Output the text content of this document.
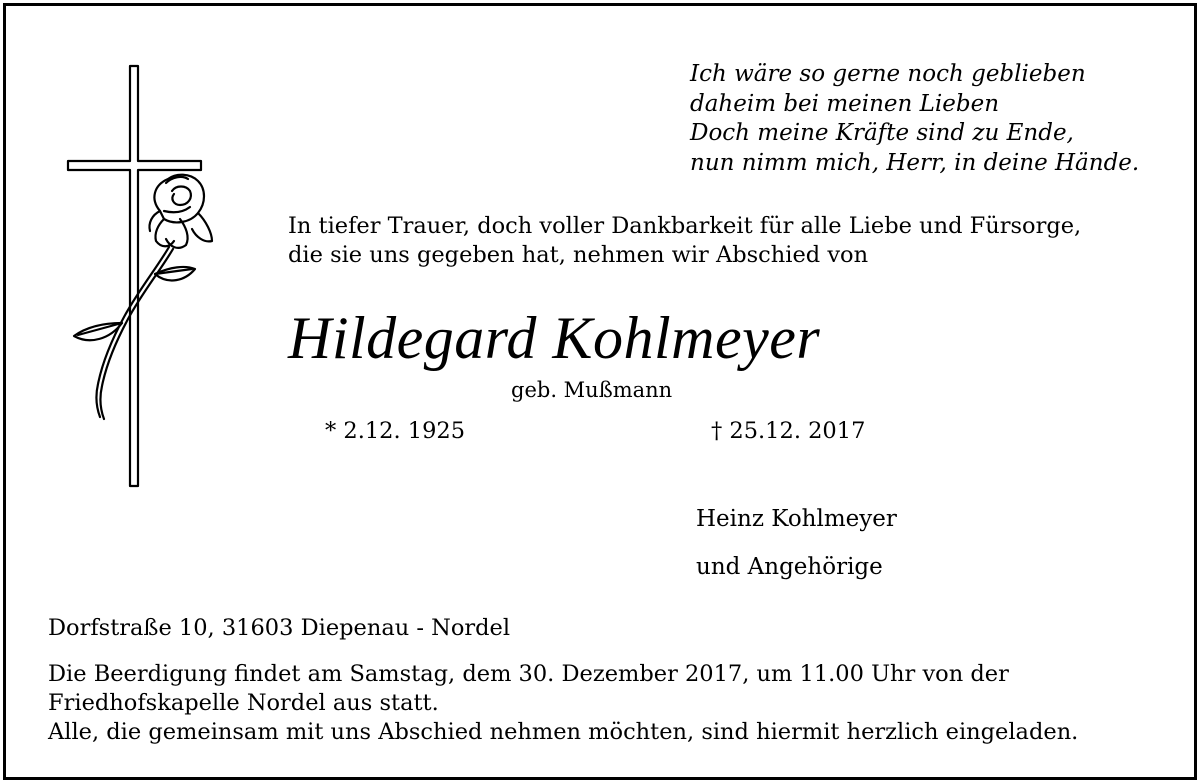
Ich wäre so gerne noch geblieben
daheim bei meinen Lieben
Doch meine Kräfte sind zu Ende,
nun nimm mich, Herr, in deine Hände.
In tiefer Trauer, doch voller Dankbarkeit für alle Liebe und Fürsorge,
die sie uns gegeben hat, nehmen wir Abschied von
Hildegard Kohlmeyer
geb. Mußmann
* 2.12. 1925	† 25.12. 2017
Heinz Kohlmeyer
und Angehörige
Dorfstraße 10, 31603 Diepenau - Nordel
Die Beerdigung findet am Samstag, dem 30. Dezember 2017, um 11.00 Uhr von der
Friedhofskapelle Nordel aus statt.
Alle, die gemeinsam mit uns Abschied nehmen möchten, sind hiermit herzlich eingeladen.
